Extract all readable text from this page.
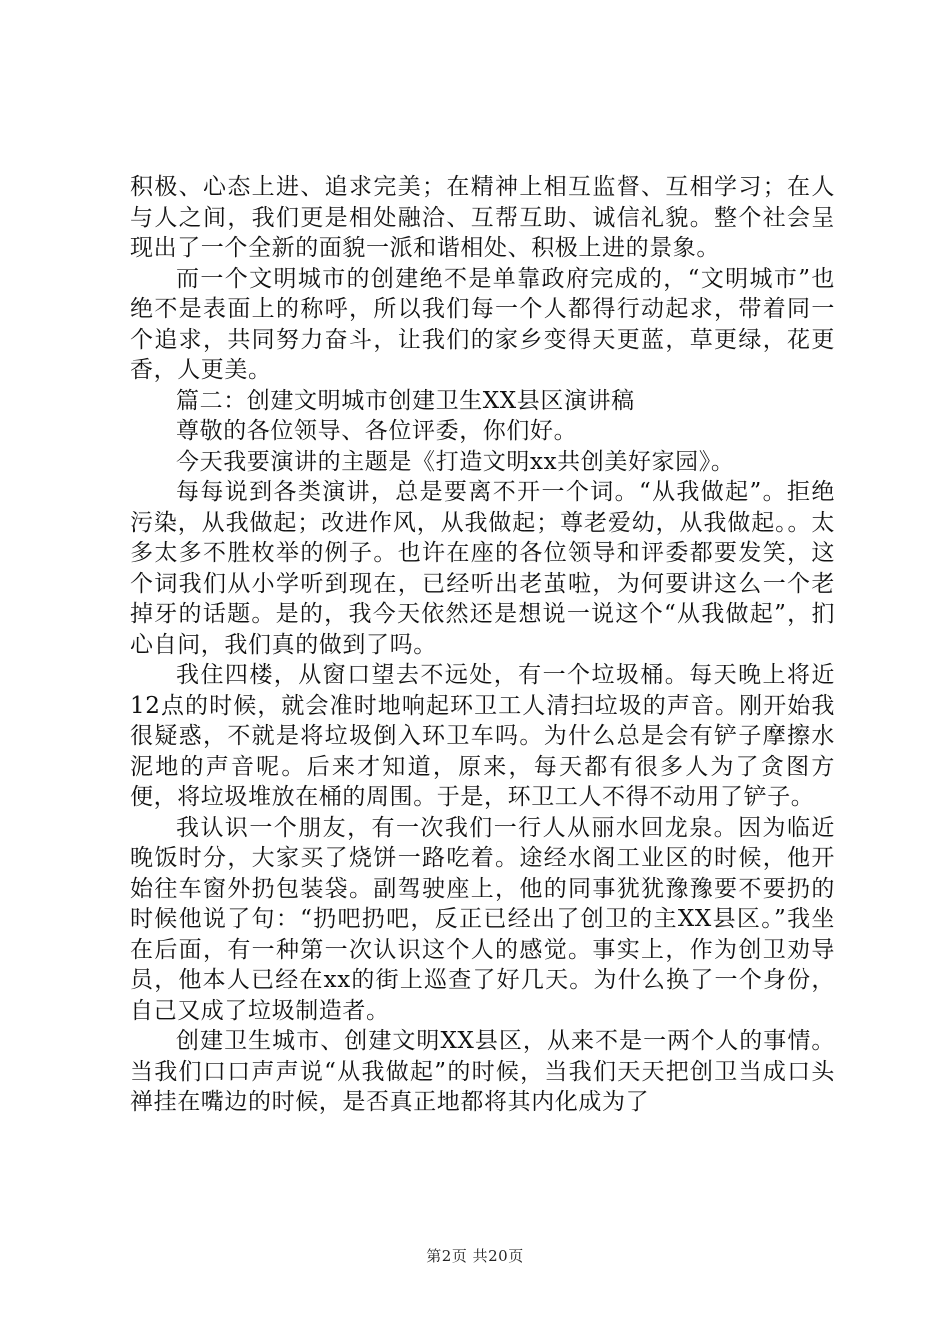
积极、心态上进、追求完美；在精神上相互监督、互相学习；在人与人之间，我们更是相处融洽、互帮互助、诚信礼貌。整个社会呈现出了一个全新的面貌一派和谐相处、积极上进的景象。

而一个文明城市的创建绝不是单靠政府完成的，“文明城市”也绝不是表面上的称呼，所以我们每一个人都得行动起求，带着同一个追求，共同努力奋斗，让我们的家乡变得天更蓝，草更绿，花更香，人更美。

篇二：创建文明城市创建卫生XX县区演讲稿

尊敬的各位领导、各位评委，你们好。

今天我要演讲的主题是《打造文明xx共创美好家园》。

每每说到各类演讲，总是要离不开一个词。“从我做起”。拒绝污染，从我做起；改进作风，从我做起；尊老爱幼，从我做起。。太多太多不胜枚举的例子。也许在座的各位领导和评委都要发笑，这个词我们从小学听到现在，已经听出老茧啦，为何要讲这么一个老掉牙的话题。是的，我今天依然还是想说一说这个“从我做起”，扪心自问，我们真的做到了吗。

我住四楼，从窗口望去不远处，有一个垃圾桶。每天晚上将近12点的时候，就会准时地响起环卫工人清扫垃圾的声音。刚开始我很疑惑，不就是将垃圾倒入环卫车吗。为什么总是会有铲子摩擦水泥地的声音呢。后来才知道，原来，每天都有很多人为了贪图方便，将垃圾堆放在桶的周围。于是，环卫工人不得不动用了铲子。

我认识一个朋友，有一次我们一行人从丽水回龙泉。因为临近晚饭时分，大家买了烧饼一路吃着。途经水阁工业区的时候，他开始往车窗外扔包装袋。副驾驶座上，他的同事犹犹豫豫要不要扔的时候他说了句：“扔吧扔吧，反正已经出了创卫的主XX县区。”我坐在后面，有一种第一次认识这个人的感觉。事实上，作为创卫劝导员，他本人已经在xx的街上巡查了好几天。为什么换了一个身份，自己又成了垃圾制造者。

创建卫生城市、创建文明XX县区，从来不是一两个人的事情。当我们口口声声说“从我做起”的时候，当我们天天把创卫当成口头禅挂在嘴边的时候，是否真正地都将其内化成为了

第2页 共20页
